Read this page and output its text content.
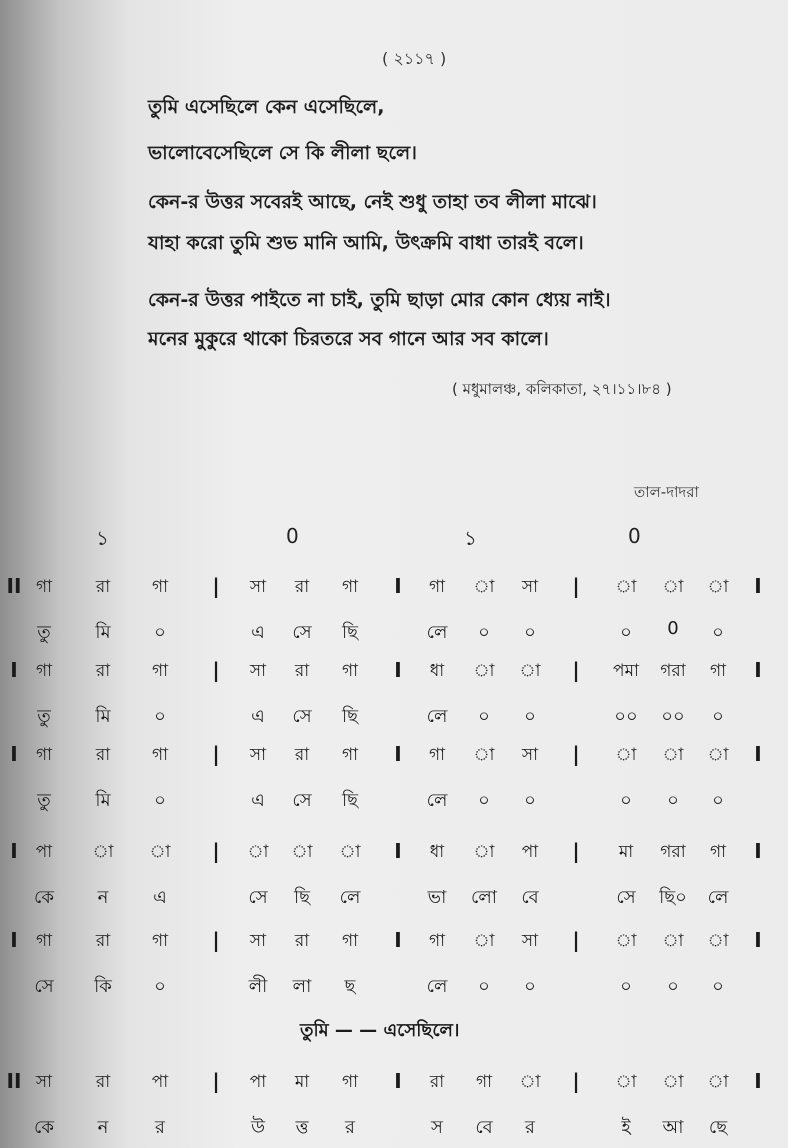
( ২১১৭ )
তুমি এসেছিলে কেন এসেছিলে,
ভালোবেসেছিলে সে কি লীলা ছলে।
কেন-র উত্তর সবেরই আছে, নেই শুধু তাহা তব লীলা মাঝে।
যাহা করো তুমি শুভ মানি আমি, উৎক্রমি বাধা তারই বলে।
কেন-র উত্তর পাইতে না চাই, তুমি ছাড়া মোর কোন ধ্যেয় নাই।
মনের মুকুরে থাকো চিরতরে সব গানে আর সব কালে।
( মধুমালঞ্চ, কলিকাতা, ২৭।১১।৮৪ )
তাল-দাদরা
১	0	১	0
II গা	রা	গা	|	সা	রা	গা	I	গা	া	সা	|	া	া	া	I
তু	মি	০	এ	সে	ছি	লে	০	০	০	0	০
I	গা	রা	গা	|	সা	রা	গা	I	ধা	া	া	|	পমা	গরা	গা	I
তু	মি	০	এ	সে	ছি	লে	০	০	০০	০০	০
I	গা	রা	গা	|	সা	রা	গা	I	গা	া	সা	|	া	া	া	I
তু	মি	০	এ	সে	ছি	লে	০	০	০	০	০
I	পা	া	া	|	া	া	া	I	ধা	া	পা	|	মা	গরা	গা	I
কে	ন	এ	সে	ছি	লে	ভা	লো	বে	সে	ছি০	লে
I	গা	রা	গা	|	সা	রা	গা	I	গা	া	সা	|	া	া	া	I
সে	কি	০	লী	লা	ছ	লে	০	০	০	০	০
II সা	রা	পা	|	পা	মা	গা	I	রা	গা	া	|	া	া	া	I
কে	ন	র	উ	ত্ত	র	স	বে	র	ই	আ	ছে
তুমি — — এসেছিলে।
